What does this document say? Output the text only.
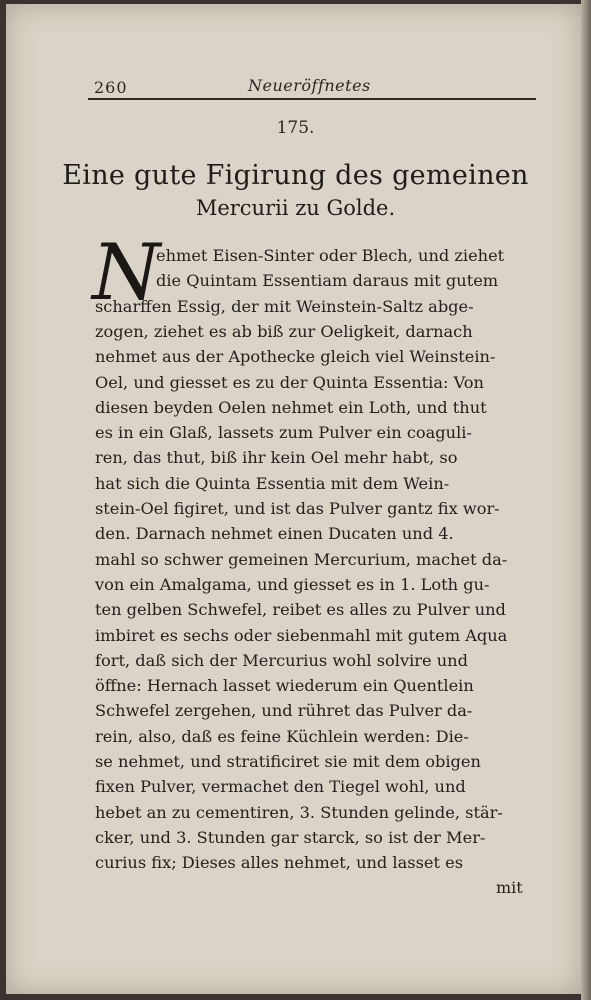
260	Neueröffnetes
175.
Eine gute Figirung des gemeinen
Mercurii zu Golde.
N
ehmet Eisen-Sinter oder Blech, und ziehet
die Quintam Essentiam daraus mit gutem
scharffen Essig, der mit Weinstein-Saltz abge-
zogen, ziehet es ab biß zur Oeligkeit, darnach
nehmet aus der Apothecke gleich viel Weinstein-
Oel, und giesset es zu der Quinta Essentia: Von
diesen beyden Oelen nehmet ein Loth, und thut
es in ein Glaß, lassets zum Pulver ein coaguli-
ren, das thut, biß ihr kein Oel mehr habt, so
hat sich die Quinta Essentia mit dem Wein-
stein-Oel figiret, und ist das Pulver gantz fix wor-
den. Darnach nehmet einen Ducaten und 4.
mahl so schwer gemeinen Mercurium, machet da-
von ein Amalgama, und giesset es in 1. Loth gu-
ten gelben Schwefel, reibet es alles zu Pulver und
imbiret es sechs oder siebenmahl mit gutem Aqua
fort, daß sich der Mercurius wohl solvire und
öffne: Hernach lasset wiederum ein Quentlein
Schwefel zergehen, und rühret das Pulver da-
rein, also, daß es feine Küchlein werden: Die-
se nehmet, und stratificiret sie mit dem obigen
fixen Pulver, vermachet den Tiegel wohl, und
hebet an zu cementiren, 3. Stunden gelinde, stär-
cker, und 3. Stunden gar starck, so ist der Mer-
curius fix; Dieses alles nehmet, und lasset es
mit
